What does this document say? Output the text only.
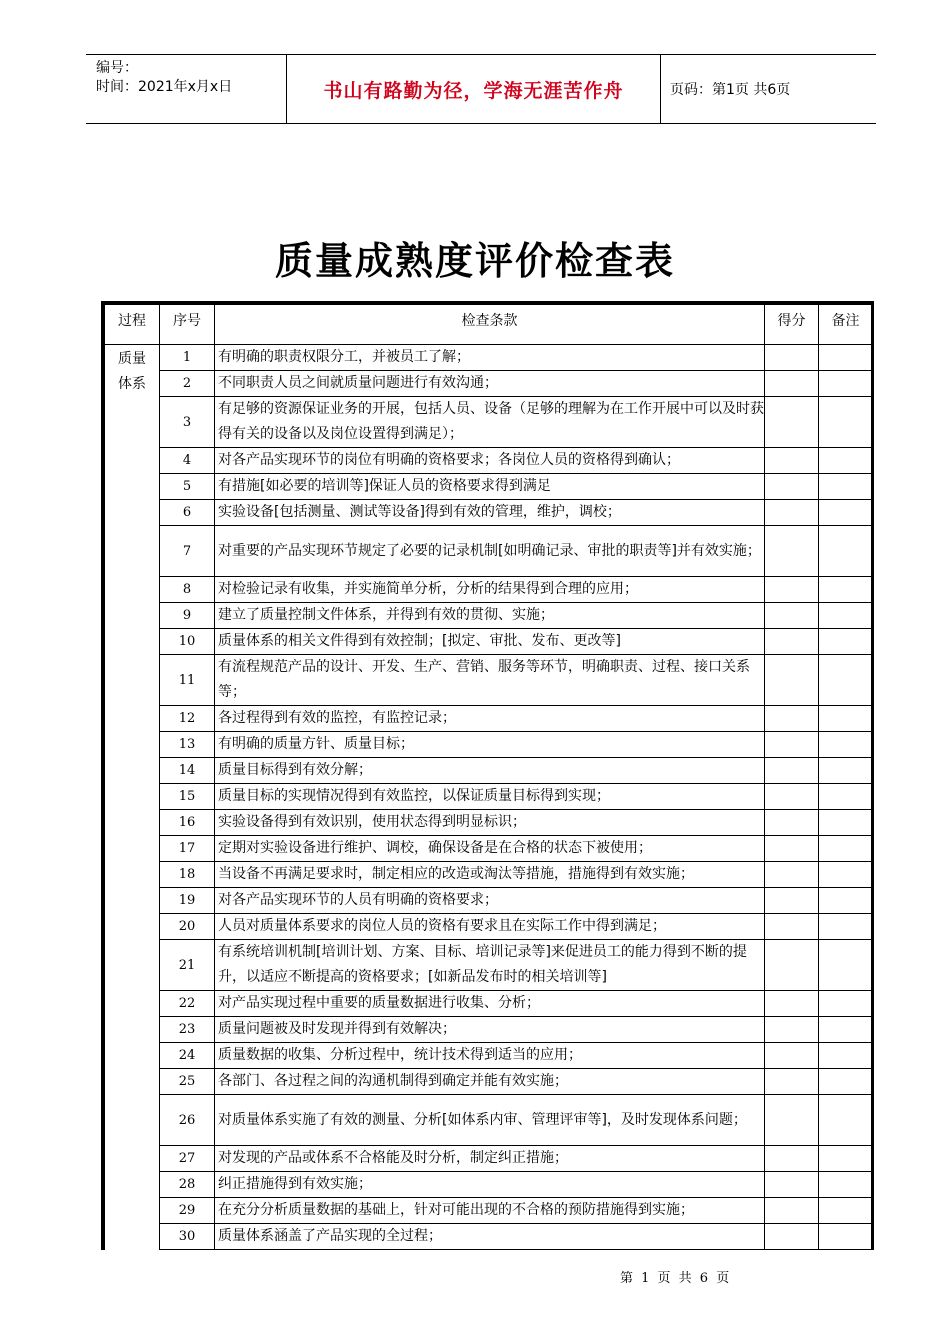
编号：
时间：2021年x月x日	书山有路勤为径，学海无涯苦作舟	页码：第1页 共6页
质量成熟度评价检查表
过程	序号	检查条款	得分	备注

质量体系	1	有明确的职责权限分工，并被员工了解；		
	2	不同职责人员之间就质量问题进行有效沟通；		
	3	有足够的资源保证业务的开展，包括人员、设备（足够的理解为在工作开展中可以及时获得有关的设备以及岗位设置得到满足）；		
	4	对各产品实现环节的岗位有明确的资格要求；各岗位人员的资格得到确认；		
	5	有措施[如必要的培训等]保证人员的资格要求得到满足		
	6	实验设备[包括测量、测试等设备]得到有效的管理，维护，调校；		
	7	对重要的产品实现环节规定了必要的记录机制[如明确记录、审批的职责等]并有效实施；		
	8	对检验记录有收集，并实施简单分析，分析的结果得到合理的应用；		
	9	建立了质量控制文件体系，并得到有效的贯彻、实施；		
	10	质量体系的相关文件得到有效控制；[拟定、审批、发布、更改等]		
	11	有流程规范产品的设计、开发、生产、营销、服务等环节，明确职责、过程、接口关系等；		
	12	各过程得到有效的监控，有监控记录；		
	13	有明确的质量方针、质量目标；		
	14	质量目标得到有效分解；		
	15	质量目标的实现情况得到有效监控，以保证质量目标得到实现；		
	16	实验设备得到有效识别，使用状态得到明显标识；		
	17	定期对实验设备进行维护、调校，确保设备是在合格的状态下被使用；		
	18	当设备不再满足要求时，制定相应的改造或淘汰等措施，措施得到有效实施；		
	19	对各产品实现环节的人员有明确的资格要求；		
	20	人员对质量体系要求的岗位人员的资格有要求且在实际工作中得到满足；		
	21	有系统培训机制[培训计划、方案、目标、培训记录等]来促进员工的能力得到不断的提升，以适应不断提高的资格要求；[如新品发布时的相关培训等]		
	22	对产品实现过程中重要的质量数据进行收集、分析；		
	23	质量问题被及时发现并得到有效解决；		
	24	质量数据的收集、分析过程中，统计技术得到适当的应用；		
	25	各部门、各过程之间的沟通机制得到确定并能有效实施；		
	26	对质量体系实施了有效的测量、分析[如体系内审、管理评审等]，及时发现体系问题；		
	27	对发现的产品或体系不合格能及时分析，制定纠正措施；		
	28	纠正措施得到有效实施；		
	29	在充分分析质量数据的基础上，针对可能出现的不合格的预防措施得到实施；		
	30	质量体系涵盖了产品实现的全过程；		
第 1 页 共 6 页
